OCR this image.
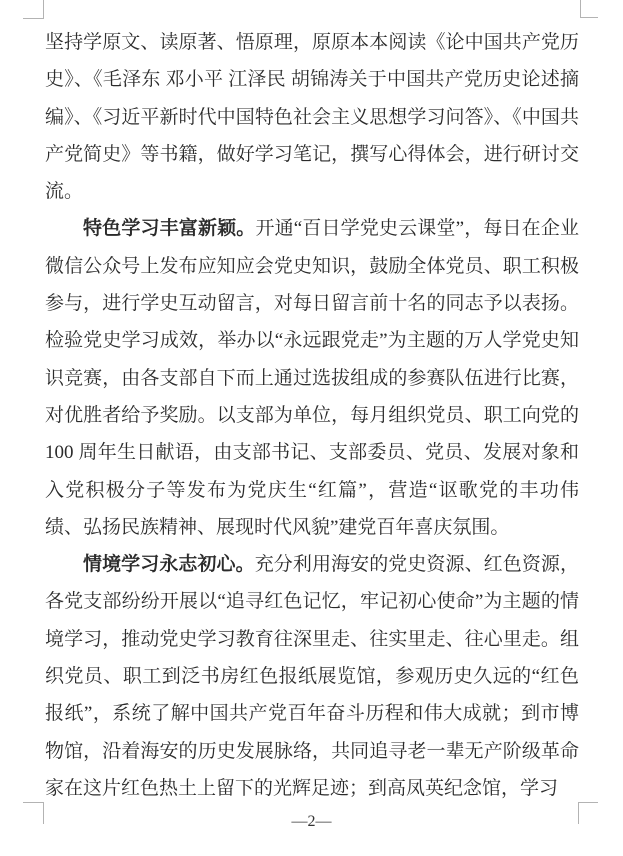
坚持学原文、读原著、悟原理，原原本本阅读《论中国共产党历史》、《毛泽东 邓小平 江泽民 胡锦涛关于中国共产党历史论述摘编》、《习近平新时代中国特色社会主义思想学习问答》、《中国共产党简史》等书籍，做好学习笔记，撰写心得体会，进行研讨交流。

特色学习丰富新颖。开通“百日学党史云课堂”，每日在企业微信公众号上发布应知应会党史知识，鼓励全体党员、职工积极参与，进行学史互动留言，对每日留言前十名的同志予以表扬。检验党史学习成效，举办以“永远跟党走”为主题的万人学党史知识竞赛，由各支部自下而上通过选拔组成的参赛队伍进行比赛，对优胜者给予奖励。以支部为单位，每月组织党员、职工向党的100 周年生日献语，由支部书记、支部委员、党员、发展对象和入党积极分子等发布为党庆生“红篇”，营造“讴歌党的丰功伟绩、弘扬民族精神、展现时代风貌”建党百年喜庆氛围。

情境学习永志初心。充分利用海安的党史资源、红色资源，各党支部纷纷开展以“追寻红色记忆，牢记初心使命”为主题的情境学习，推动党史学习教育往深里走、往实里走、往心里走。组织党员、职工到泛书房红色报纸展览馆，参观历史久远的“红色报纸”，系统了解中国共产党百年奋斗历程和伟大成就；到市博物馆，沿着海安的历史发展脉络，共同追寻老一辈无产阶级革命家在这片红色热土上留下的光辉足迹；到高凤英纪念馆，学习

—2—
